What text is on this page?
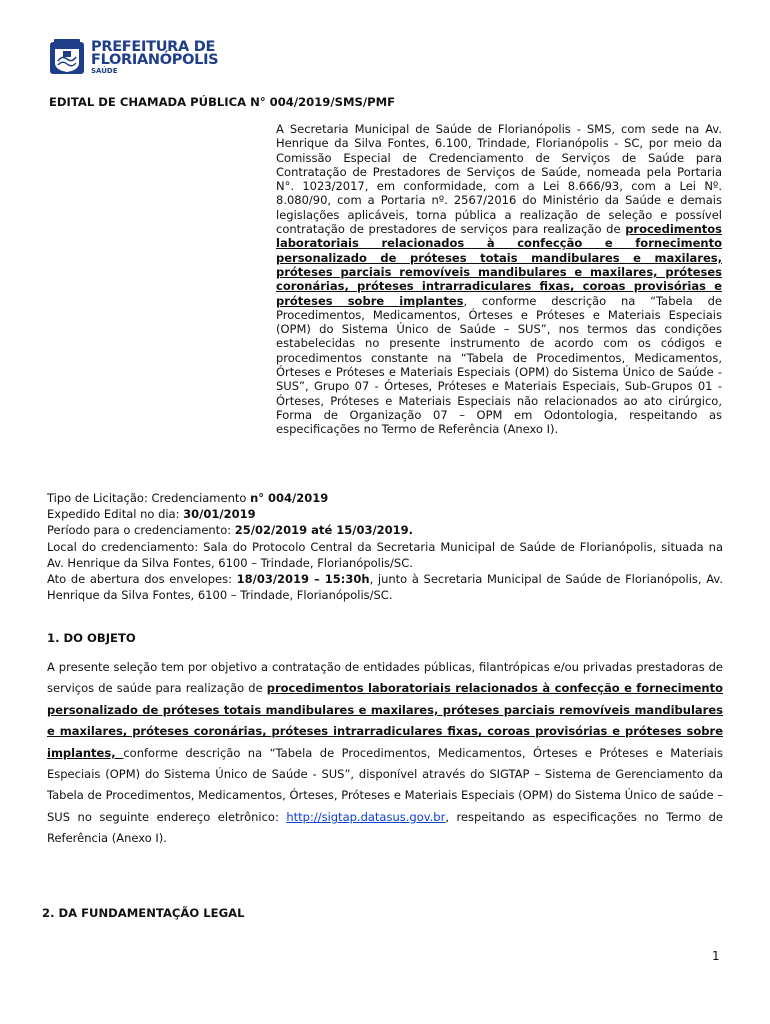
PREFEITURA DE
FLORIANÓPOLIS
SAÚDE
EDITAL DE CHAMADA PÚBLICA N° 004/2019/SMS/PMF
A Secretaria Municipal de Saúde de Florianópolis - SMS, com sede na Av. Henrique da Silva Fontes, 6.100, Trindade, Florianópolis - SC, por meio da Comissão Especial de Credenciamento de Serviços de Saúde para Contratação de Prestadores de Serviços de Saúde, nomeada pela Portaria N°. 1023/2017, em conformidade, com a Lei 8.666/93, com a Lei Nº. 8.080/90, com a Portaria nº. 2567/2016 do Ministério da Saúde e demais legislações aplicáveis, torna pública a realização de seleção e possível contratação de prestadores de serviços para realização de procedimentos laboratoriais relacionados à confecção e fornecimento personalizado de próteses totais mandibulares e maxilares, próteses parciais removíveis mandibulares e maxilares, próteses coronárias, próteses intrarradiculares fixas, coroas provisórias e próteses sobre implantes, conforme descrição na “Tabela de Procedimentos, Medicamentos, Órteses e Próteses e Materiais Especiais (OPM) do Sistema Único de Saúde – SUS”, nos termos das condições estabelecidas no presente instrumento de acordo com os códigos e procedimentos constante na “Tabela de Procedimentos, Medicamentos, Órteses e Próteses e Materiais Especiais (OPM) do Sistema Único de Saúde - SUS”, Grupo 07 - Órteses, Próteses e Materiais Especiais, Sub-Grupos 01 - Órteses, Próteses e Materiais Especiais não relacionados ao ato cirúrgico, Forma de Organização 07 – OPM em Odontologia, respeitando as especificações no Termo de Referência (Anexo I).

Tipo de Licitação: Credenciamento n° 004/2019

Expedido Edital no dia: 30/01/2019

Período para o credenciamento: 25/02/2019 até 15/03/2019.

Local do credenciamento: Sala do Protocolo Central da Secretaria Municipal de Saúde de Florianópolis, situada na Av. Henrique da Silva Fontes, 6100 – Trindade, Florianópolis/SC.

Ato de abertura dos envelopes: 18/03/2019 – 15:30h, junto à Secretaria Municipal de Saúde de Florianópolis, Av. Henrique da Silva Fontes, 6100 – Trindade, Florianópolis/SC.

1. DO OBJETO
A presente seleção tem por objetivo a contratação de entidades públicas, filantrópicas e/ou privadas prestadoras de serviços de saúde para realização de procedimentos laboratoriais relacionados à confecção e fornecimento personalizado de próteses totais mandibulares e maxilares, próteses parciais removíveis mandibulares e maxilares, próteses coronárias, próteses intrarradiculares fixas, coroas provisórias e próteses sobre implantes, conforme descrição na “Tabela de Procedimentos, Medicamentos, Órteses e Próteses e Materiais Especiais (OPM) do Sistema Único de Saúde - SUS”, disponível através do SIGTAP – Sistema de Gerenciamento da Tabela de Procedimentos, Medicamentos, Órteses, Próteses e Materiais Especiais (OPM) do Sistema Único de saúde – SUS no seguinte endereço eletrônico: http://sigtap.datasus.gov.br, respeitando as especificações no Termo de Referência (Anexo I).
2. DA FUNDAMENTAÇÃO LEGAL
1
